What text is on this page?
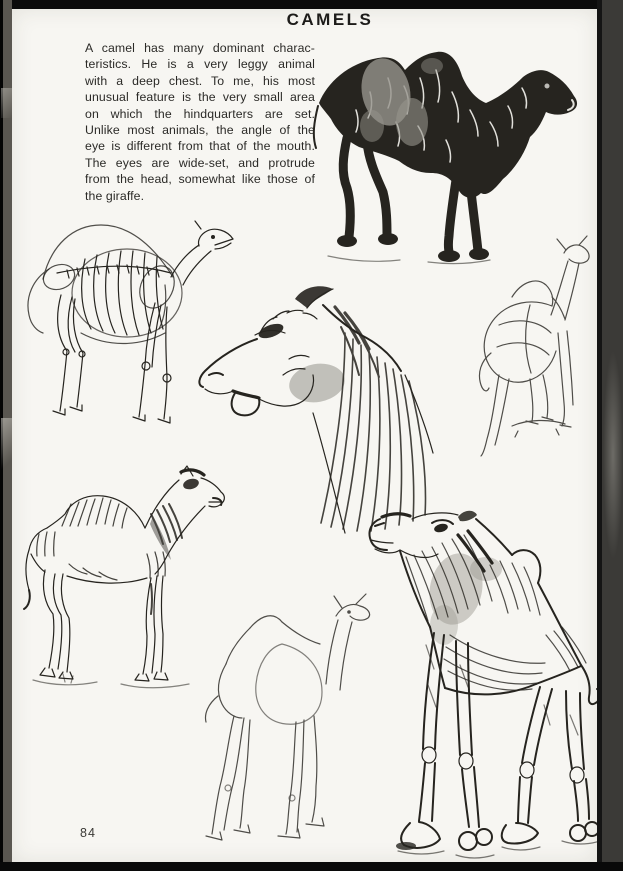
CAMELS
A camel has many dominant charac-
teristics. He is a very leggy animal
with a deep chest. To me, his most
unusual feature is the very small area
on which the hindquarters are set.
Unlike most animals, the angle of the
eye is different from that of the mouth.
The eyes are wide-set, and protrude
from the head, somewhat like those of
the giraffe.
84
